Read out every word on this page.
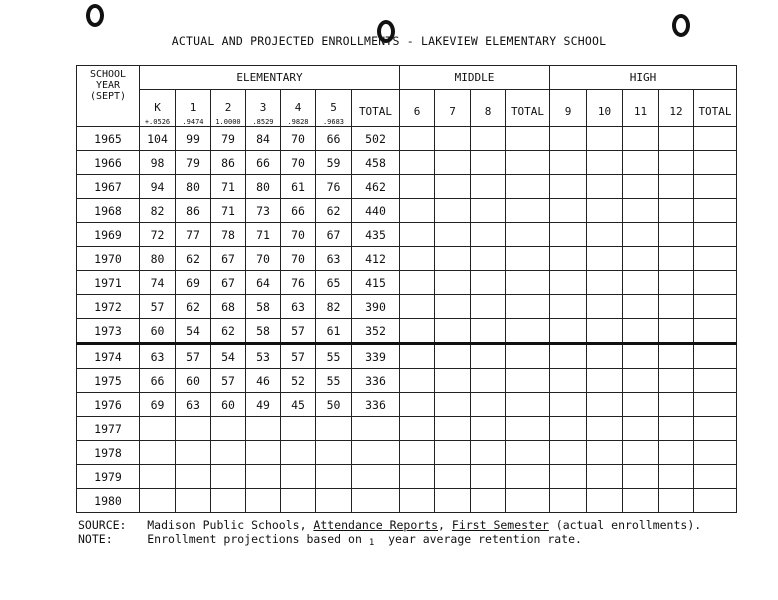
ACTUAL AND PROJECTED ENROLLMENTS - LAKEVIEW ELEMENTARY SCHOOL
SCHOOL
YEAR
(SEPT)	ELEMENTARY							MIDDLE				HIGH				
	K	1	2	3	4	5	TOTAL	6	7	8	TOTAL	9	10	11	12	TOTAL
	+.0526	.9474	1.0000	.8529	.9828	.9683										
1965	104	99	79	84	70	66	502									
1966	98	79	86	66	70	59	458									
1967	94	80	71	80	61	76	462									
1968	82	86	71	73	66	62	440									
1969	72	77	78	71	70	67	435									
1970	80	62	67	70	70	63	412									
1971	74	69	67	64	76	65	415									
1972	57	62	68	58	63	82	390									
1973	60	54	62	58	57	61	352									
1974	63	57	54	53	57	55	339									
1975	66	60	57	46	52	55	336									
1976	69	63	60	49	45	50	336									
1977																
1978																
1979																
1980																
SOURCE: Madison Public Schools, Attendance Reports, First Semester (actual enrollments).
NOTE:	Enrollment projections based on 1  year average retention rate.
